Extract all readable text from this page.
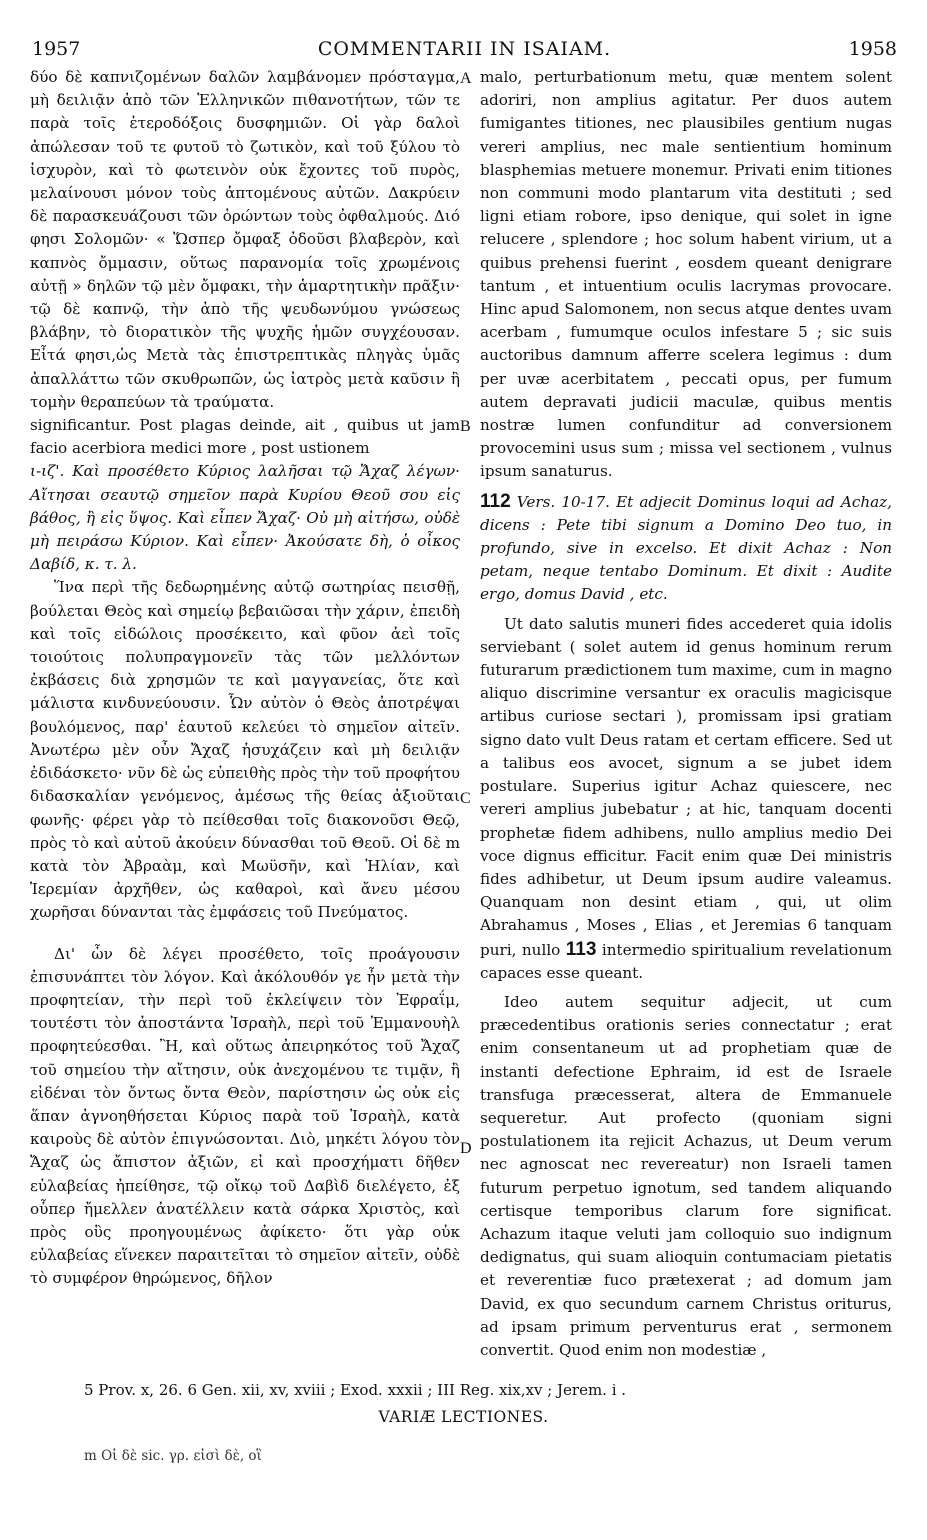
1957	COMMENTARII IN ISAIAM.	1958

δύο δὲ καπνιζομένων δαλῶν λαμβάνομεν πρόσταγμα, μὴ δειλιᾷν ἀπὸ τῶν Ἑλληνικῶν πιθανοτήτων, τῶν τε παρὰ τοῖς ἑτεροδόξοις δυσφημιῶν. Οἱ γὰρ δαλοὶ ἀπώλεσαν τοῦ τε φυτοῦ τὸ ζωτικὸν, καὶ τοῦ ξύλου τὸ ἰσχυρὸν, καὶ τὸ φωτεινὸν οὐκ ἔχοντες τοῦ πυρὸς, μελαίνουσι μόνον τοὺς ἁπτομένους αὐτῶν. Δακρύειν δὲ παρασκευάζουσι τῶν ὁρώντων τοὺς ὀφθαλμούς. Διό φησι Σολομῶν· « Ὥσπερ ὄμφαξ ὀδοῦσι βλαβερὸν, καὶ καπνὸς ὄμμασιν, οὕτως παρανομία τοῖς χρωμένοις αὐτῇ » δηλῶν τῷ μὲν ὄμφακι, τὴν ἁμαρτητικὴν πρᾶξιν· τῷ δὲ καπνῷ, τὴν ἀπὸ τῆς ψευδωνύμου γνώσεως βλάβην, τὸ διορατικὸν τῆς ψυχῆς ἡμῶν συγχέουσαν. Εἶτά φησι,ὡς Μετὰ τὰς ἐπιστρεπτικὰς πληγὰς ὑμᾶς ἀπαλλάττω τῶν σκυθρωπῶν, ὡς ἰατρὸς μετὰ καῦσιν ἢ τομὴν θεραπεύων τὰ τραύματα.

significantur. Post plagas deinde, ait , quibus ut jam facio acerbiora medici more , post ustionem

ι-ιζ'. Καὶ προσέθετο Κύριος λαλῆσαι τῷ Ἄχαζ λέγων· Αἴτησαι σεαυτῷ σημεῖον παρὰ Κυρίου Θεοῦ σου εἰς βάθος, ἢ εἰς ὕψος. Καὶ εἶπεν Ἄχαζ· Οὐ μὴ αἰτήσω, οὐδὲ μὴ πειράσω Κύριον. Καὶ εἶπεν· Ἀκούσατε δὴ, ὁ οἶκος Δαβίδ, κ. τ. λ.

Ἵνα περὶ τῆς δεδωρημένης αὐτῷ σωτηρίας πεισθῇ, βούλεται Θεὸς καὶ σημείῳ βεβαιῶσαι τὴν χάριν, ἐπειδὴ καὶ τοῖς εἰδώλοις προσέκειτο, καὶ φῦον ἀεὶ τοῖς τοιούτοις πολυπραγμονεῖν τὰς τῶν μελλόντων ἐκβάσεις διὰ χρησμῶν τε καὶ μαγγανείας, ὅτε καὶ μάλιστα κινδυνεύουσιν. Ὧν αὐτὸν ὁ Θεὸς ἀποτρέψαι βουλόμενος, παρ' ἑαυτοῦ κελεύει τὸ σημεῖον αἰτεῖν. Ἀνωτέρω μὲν οὖν Ἄχαζ ἡσυχάζειν καὶ μὴ δειλιᾷν ἐδιδάσκετο· νῦν δὲ ὡς εὐπειθὴς πρὸς τὴν τοῦ προφήτου διδασκαλίαν γενόμενος, ἀμέσως τῆς θείας ἀξιοῦται φωνῆς· φέρει γὰρ τὸ πείθεσθαι τοῖς διακονοῦσι Θεῷ, πρὸς τὸ καὶ αὐτοῦ ἀκούειν δύνασθαι τοῦ Θεοῦ. Οἱ δὲ m κατὰ τὸν Ἀβραὰμ, καὶ Μωϋσῆν, καὶ Ἠλίαν, καὶ Ἱερεμίαν ἀρχῆθεν, ὡς καθαροὶ, καὶ ἄνευ μέσου χωρῆσαι δύνανται τὰς ἐμφάσεις τοῦ Πνεύματος.

Δι' ὧν δὲ λέγει προσέθετο, τοῖς προάγουσιν ἐπισυνάπτει τὸν λόγον. Καὶ ἀκόλουθόν γε ἦν μετὰ τὴν προφητείαν, τὴν περὶ τοῦ ἐκλείψειν τὸν Ἐφραΐμ, τουτέστι τὸν ἀποστάντα Ἰσραὴλ, περὶ τοῦ Ἐμμανουὴλ προφητεύεσθαι. Ἢ, καὶ οὕτως ἀπειρηκότος τοῦ Ἄχαζ τοῦ σημείου τὴν αἴτησιν, οὐκ ἀνεχομένου τε τιμᾷν, ἢ εἰδέναι τὸν ὄντως ὄντα Θεὸν, παρίστησιν ὡς οὐκ εἰς ἅπαν ἀγνοηθήσεται Κύριος παρὰ τοῦ Ἰσραὴλ, κατὰ καιροὺς δὲ αὐτὸν ἐπιγνώσονται. Διὸ, μηκέτι λόγου τὸν Ἄχαζ ὡς ἄπιστον ἀξιῶν, εἰ καὶ προσχήματι δῆθεν εὐλαβείας ἠπείθησε, τῷ οἴκῳ τοῦ Δαβὶδ διελέγετο, ἐξ οὗπερ ἤμελλεν ἀνατέλλειν κατὰ σάρκα Χριστὸς, καὶ πρὸς οὓς προηγουμένως ἀφίκετο· ὅτι γὰρ οὐκ εὐλαβείας εἵνεκεν παραιτεῖται τὸ σημεῖον αἰτεῖν, οὐδὲ τὸ συμφέρον θηρώμενος, δῆλον

A
B
C
D

malo, perturbationum metu, quæ mentem solent adoriri, non amplius agitatur. Per duos autem fumigantes titiones, nec plausibiles gentium nugas vereri amplius, nec male sentientium hominum blasphemias metuere monemur. Privati enim titiones non communi modo plantarum vita destituti ; sed ligni etiam robore, ipso denique, qui solet in igne relucere , splendore ; hoc solum habent virium, ut a quibus prehensi fuerint , eosdem queant denigrare tantum , et intuentium oculis lacrymas provocare. Hinc apud Salomonem, non secus atque dentes uvam acerbam , fumumque oculos infestare 5 ; sic suis auctoribus damnum afferre scelera legimus : dum per uvæ acerbitatem , peccati opus, per fumum autem depravati judicii maculæ, quibus mentis nostræ lumen confunditur ad conversionem provocemini usus sum ; missa vel sectionem , vulnus ipsum sanaturus.

112 Vers. 10-17. Et adjecit Dominus loqui ad Achaz, dicens : Pete tibi signum a Domino Deo tuo, in profundo, sive in excelso. Et dixit Achaz : Non petam, neque tentabo Dominum. Et dixit : Audite ergo, domus David , etc.

Ut dato salutis muneri fides accederet quia idolis serviebant ( solet autem id genus hominum rerum futurarum prædictionem tum maxime, cum in magno aliquo discrimine versantur ex oraculis magicisque artibus curiose sectari ), promissam ipsi gratiam signo dato vult Deus ratam et certam efficere. Sed ut a talibus eos avocet, signum a se jubet idem postulare. Superius igitur Achaz quiescere, nec vereri amplius jubebatur ; at hic, tanquam docenti prophetæ fidem adhibens, nullo amplius medio Dei voce dignus efficitur. Facit enim quæ Dei ministris fides adhibetur, ut Deum ipsum audire valeamus. Quanquam non desint etiam , qui, ut olim Abrahamus , Moses , Elias , et Jeremias 6 tanquam puri, nullo 113 intermedio spiritualium revelationum capaces esse queant.

Ideo autem sequitur adjecit, ut cum præcedentibus orationis series connectatur ; erat enim consentaneum ut ad prophetiam quæ de instanti defectione Ephraim, id est de Israele transfuga præcesserat, altera de Emmanuele sequeretur. Aut profecto (quoniam signi postulationem ita rejicit Achazus, ut Deum verum nec agnoscat nec revereatur) non Israeli tamen futurum perpetuo ignotum, sed tandem aliquando certisque temporibus clarum fore significat. Achazum itaque veluti jam colloquio suo indignum dedignatus, qui suam alioquin contumaciam pietatis et reverentiæ fuco prætexerat ; ad domum jam David, ex quo secundum carnem Christus oriturus, ad ipsam primum perventurus erat , sermonem convertit. Quod enim non modestiæ ,

5 Prov. x, 26. 6 Gen. xii, xv, xviii ; Exod. xxxii ; III Reg. xix,xv ; Jerem. i .
VARIÆ LECTIONES.
m Οἱ δὲ sic. γρ. εἰσὶ δὲ, οἳ
